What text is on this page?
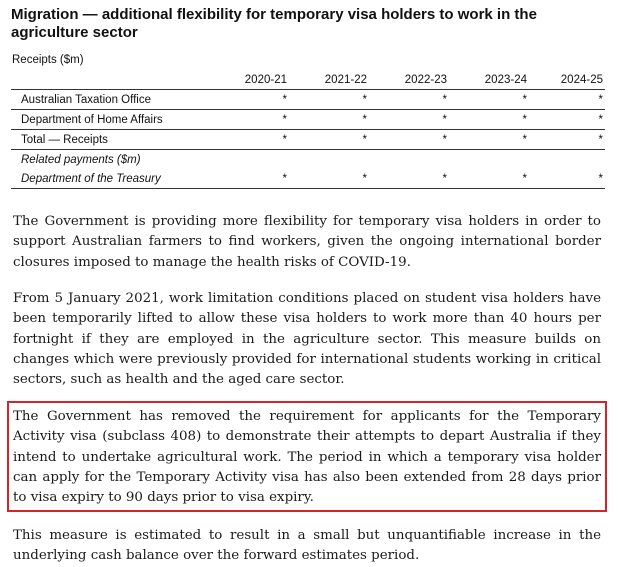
Migration — additional flexibility for temporary visa holders to work in the agriculture sector
Receipts ($m)
	2020-21	2021-22	2022-23	2023-24	2024-25
Australian Taxation Office	*	*	*	*	*
Department of Home Affairs	*	*	*	*	*
Total — Receipts	*	*	*	*	*
Related payments ($m)					
Department of the Treasury	*	*	*	*	*

The Government is providing more flexibility for temporary visa holders in order to support Australian farmers to find workers, given the ongoing international border closures imposed to manage the health risks of COVID-19.

From 5 January 2021, work limitation conditions placed on student visa holders have been temporarily lifted to allow these visa holders to work more than 40 hours per fortnight if they are employed in the agriculture sector. This measure builds on changes which were previously provided for international students working in critical sectors, such as health and the aged care sector.

The Government has removed the requirement for applicants for the Temporary Activity visa (subclass 408) to demonstrate their attempts to depart Australia if they intend to undertake agricultural work. The period in which a temporary visa holder can apply for the Temporary Activity visa has also been extended from 28 days prior to visa expiry to 90 days prior to visa expiry.

This measure is estimated to result in a small but unquantifiable increase in the underlying cash balance over the forward estimates period.
